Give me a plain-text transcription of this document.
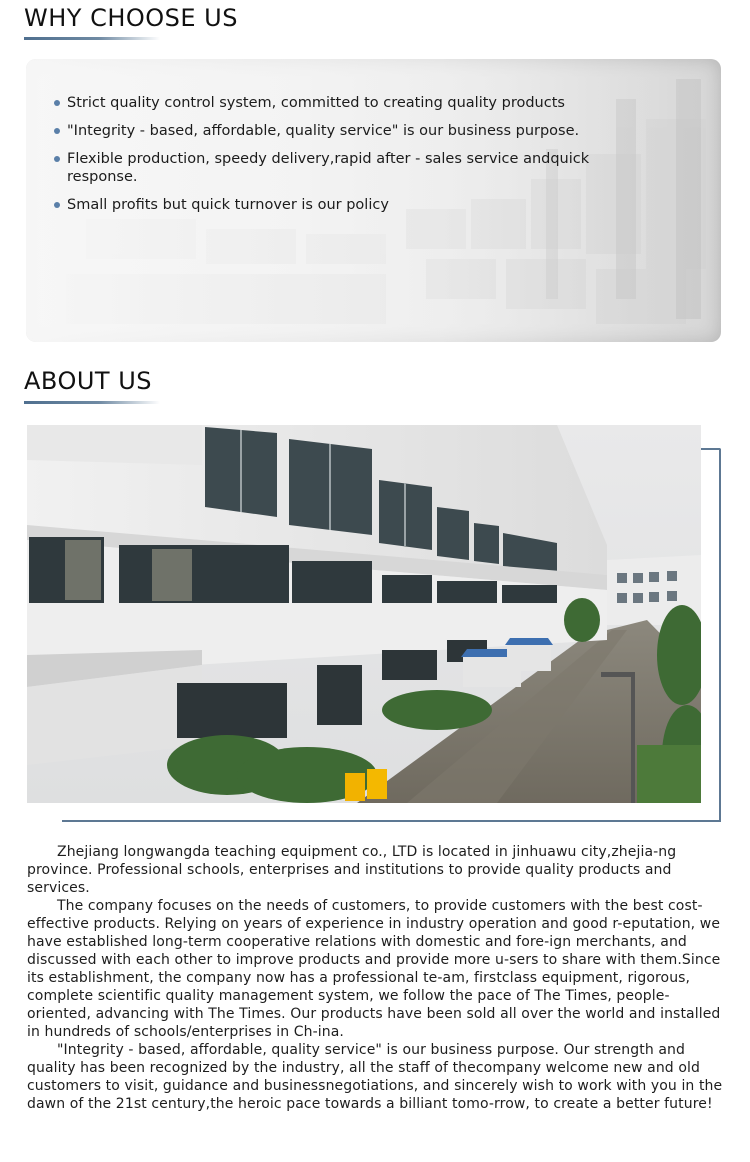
WHY CHOOSE US
Strict quality control system, committed to creating quality products
"Integrity - based, affordable, quality service" is our business purpose.
Flexible production, speedy delivery,rapid after - sales service andquick response.
Small profits but quick turnover is our policy
ABOUT US

Zhejiang longwangda teaching equipment co., LTD is located in jinhuawu city,zhejia-ng province. Professional schools, enterprises and institutions to provide quality products and services.

The company focuses on the needs of customers, to provide customers with the best cost-effective products. Relying on years of experience in industry operation and good r-eputation, we have established long-term cooperative relations with domestic and fore-ign merchants, and discussed with each other to improve products and provide more u-sers to share with them.Since its establishment, the company now has a professional te-am, firstclass equipment, rigorous, complete scientific quality management system, we follow the pace of The Times, people-oriented, advancing with The Times. Our products have been sold all over the world and installed in hundreds of schools/enterprises in Ch-ina.

"Integrity - based, affordable, quality service" is our business purpose. Our strength and quality has been recognized by the industry, all the staff of thecompany welcome new and old customers to visit, guidance and businessnegotiations, and sincerely wish to work with you in the dawn of the 21st century,the heroic pace towards a billiant tomo-rrow, to create a better future!
